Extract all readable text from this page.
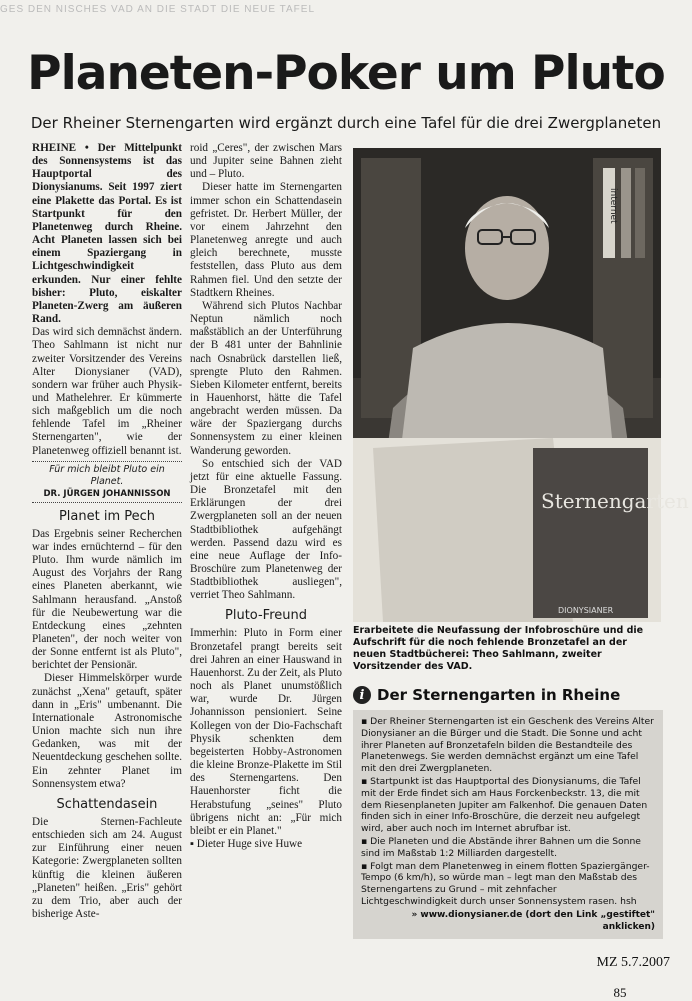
GES DEN NISCHES VAD AN DIE STADT DIE NEUE TAFEL
Planeten-Poker um Pluto
Der Rheiner Sternengarten wird ergänzt durch eine Tafel für die drei Zwergplaneten

RHEINE • Der Mittelpunkt des Sonnensystems ist das Hauptportal des Dionysianums. Seit 1997 ziert eine Plakette das Portal. Es ist Startpunkt für den Planetenweg durch Rheine. Acht Planeten lassen sich bei einem Spaziergang in Lichtgeschwindigkeit erkunden. Nur einer fehlte bisher: Pluto, eiskalter Planeten-Zwerg am äußeren Rand.

Das wird sich demnächst ändern. Theo Sahlmann ist nicht nur zweiter Vorsitzender des Vereins Alter Dionysianer (VAD), sondern war früher auch Physik- und Mathelehrer. Er kümmerte sich maßgeblich um die noch fehlende Tafel im „Rheiner Sternengarten", wie der Planetenweg offiziell benannt ist.

Für mich bleibt Pluto ein Planet.
DR. JÜRGEN JOHANNISSON
Planet im Pech

Das Ergebnis seiner Recherchen war indes ernüchternd – für den Pluto. Ihm wurde nämlich im August des Vorjahrs der Rang eines Planeten aberkannt, wie Sahlmann herausfand. „Anstoß für die Neubewertung war die Entdeckung eines „zehnten Planeten", der noch weiter von der Sonne entfernt ist als Pluto", berichtet der Pensionär.

Dieser Himmelskörper wurde zunächst „Xena" getauft, später dann in „Eris" umbenannt. Die Internationale Astronomische Union machte sich nun ihre Gedanken, was mit der Neuentdeckung geschehen sollte. Ein zehnter Planet im Sonnensystem etwa?

Schattendasein

Die Sternen-Fachleute entschieden sich am 24. August zur Einführung einer neuen Kategorie: Zwergplaneten sollten künftig die kleinen äußeren „Planeten" heißen. „Eris" gehört zu dem Trio, aber auch der bisherige Aste-

roid „Ceres", der zwischen Mars und Jupiter seine Bahnen zieht und – Pluto.

Dieser hatte im Sternengarten immer schon ein Schattendasein gefristet. Dr. Herbert Müller, der vor einem Jahrzehnt den Planetenweg anregte und auch gleich berechnete, musste feststellen, dass Pluto aus dem Rahmen fiel. Und den setzte der Stadtkern Rheines.

Während sich Plutos Nachbar Neptun nämlich noch maßstäblich an der Unterführung der B 481 unter der Bahnlinie nach Osnabrück darstellen ließ, sprengte Pluto den Rahmen. Sieben Kilometer entfernt, bereits in Hauenhorst, hätte die Tafel angebracht werden müssen. Da wäre der Spaziergang durchs Sonnensystem zu einer kleinen Wanderung geworden.

So entschied sich der VAD jetzt für eine aktuelle Fassung. Die Bronzetafel mit den Erklärungen der drei Zwergplaneten soll an der neuen Stadtbibliothek aufgehängt werden. Passend dazu wird es eine neue Auflage der Info-Broschüre zum Planetenweg der Stadtbibliothek ausliegen", verriet Theo Sahlmann.

Pluto-Freund

Immerhin: Pluto in Form einer Bronzetafel prangt bereits seit drei Jahren an einer Hauswand in Hauenhorst. Zu der Zeit, als Pluto noch als Planet unumstößlich war, wurde Dr. Jürgen Johannisson pensioniert. Seine Kollegen von der Dio-Fachschaft Physik schenkten dem begeisterten Hobby-Astronomen die kleine Bronze-Plakette im Stil des Sternengartens. Den Hauenhorster ficht die Herabstufung „seines" Pluto übrigens nicht an: „Für mich bleibt er ein Planet."

▪ Dieter Huge sive Huwe

internet
Sternengarten
DIONYSIANER
Erarbeitete die Neufassung der Infobroschüre und die Aufschrift für die noch fehlende Bronzetafel an der neuen Stadtbücherei: Theo Sahlmann, zweiter Vorsitzender des VAD.
i Der Sternengarten in Rheine

▪ Der Rheiner Sternengarten ist ein Geschenk des Vereins Alter Dionysianer an die Bürger und die Stadt. Die Sonne und acht ihrer Planeten auf Bronzetafeln bilden die Bestandteile des Planetenwegs. Sie werden demnächst ergänzt um eine Tafel mit den drei Zwergplaneten.

▪ Startpunkt ist das Hauptportal des Dionysianums, die Tafel mit der Erde findet sich am Haus Forckenbeckstr. 13, die mit dem Riesenplaneten Jupiter am Falkenhof. Die genauen Daten finden sich in einer Info-Broschüre, die derzeit neu aufgelegt wird, aber auch noch im Internet abrufbar ist.

▪ Die Planeten und die Abstände ihrer Bahnen um die Sonne sind im Maßstab 1:2 Milliarden dargestellt.

▪ Folgt man dem Planetenweg in einem flotten Spaziergänger-Tempo (6 km/h), so würde man – legt man den Maßstab des Sternengartens zu Grund – mit zehnfacher Lichtgeschwindigkeit durch unser Sonnensystem rasen. hsh

» www.dionysianer.de (dort den Link „gestiftet" anklicken)
MZ 5.7.2007
85
